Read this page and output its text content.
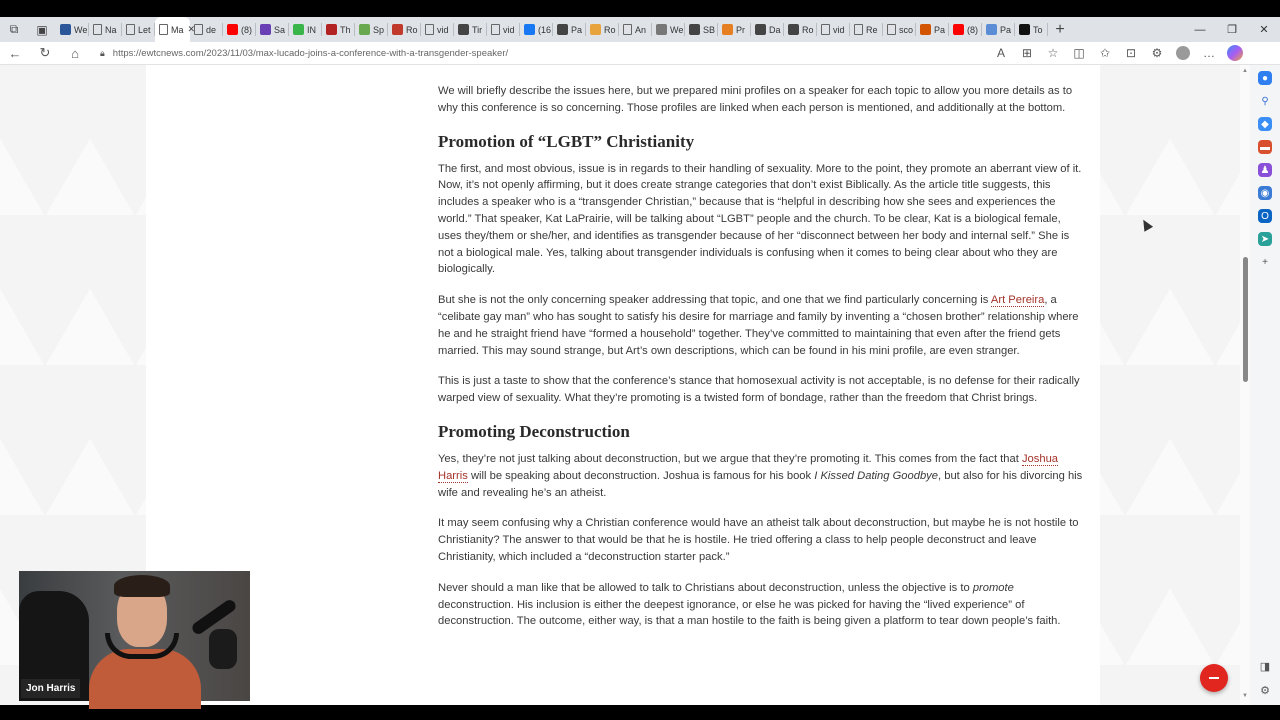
⧉	▣	We Na Let Ma ✕ de	(8) Sa IN	Th Sp Ro vid	Tir vid	(16 Pa Ro An	We SB Pr	Da Ro vid Re sco Pa (8) Pa To +	—	❐	✕
←	↻	⌂	🔒︎ https://ewtcnews.com/2023/11/03/max-lucado-joins-a-conference-with-a-transgender-speaker/	A	⊞	☆	◫	✩	⊡	⚙	…

We will briefly describe the issues here, but we prepared mini profiles on a speaker for each topic to allow you more details as to why this conference is so concerning. Those profiles are linked when each person is mentioned, and additionally at the bottom.

Promotion of “LGBT” Christianity

The first, and most obvious, issue is in regards to their handling of sexuality. More to the point, they promote an aberrant view of it. Now, it’s not openly affirming, but it does create strange categories that don’t exist Biblically. As the article title suggests, this includes a speaker who is a “transgender Christian,” because that is “helpful in describing how she sees and experiences the world.” That speaker, Kat LaPrairie, will be talking about “LGBT” people and the church. To be clear, Kat is a biological female, uses they/them or she/her, and identifies as transgender because of her “disconnect between her body and internal self.” She is not a biological male. Yes, talking about transgender individuals is confusing when it comes to being clear about who they are biologically.

But she is not the only concerning speaker addressing that topic, and one that we find particularly concerning is Art Pereira, a “celibate gay man” who has sought to satisfy his desire for marriage and family by inventing a “chosen brother” relationship where he and he straight friend have “formed a household” together. They’ve committed to maintaining that even after the friend gets married. This may sound strange, but Art’s own descriptions, which can be found in his mini profile, are even stranger.

This is just a taste to show that the conference’s stance that homosexual activity is not acceptable, is no defense for their radically warped view of sexuality. What they’re promoting is a twisted form of bondage, rather than the freedom that Christ brings.

Promoting Deconstruction

Yes, they’re not just talking about deconstruction, but we argue that they’re promoting it. This comes from the fact that Joshua Harris will be speaking about deconstruction. Joshua is famous for his book I Kissed Dating Goodbye, but also for his divorcing his wife and revealing he’s an atheist.

It may seem confusing why a Christian conference would have an atheist talk about deconstruction, but maybe he is not hostile to Christianity? The answer to that would be that he is hostile. He tried offering a class to help people deconstruct and leave Christianity, which included a “deconstruction starter pack.”

Never should a man like that be allowed to talk to Christians about deconstruction, unless the objective is to promote deconstruction. His inclusion is either the deepest ignorance, or else he was picked for having the “lived experience” of deconstruction. The outcome, either way, is that a man hostile to the faith is being given a platform to tear down people’s faith.

▲
▼
●
⚲
◆
▬
♟
◉
O
➤
+
◨
⚙
Jon Harris
